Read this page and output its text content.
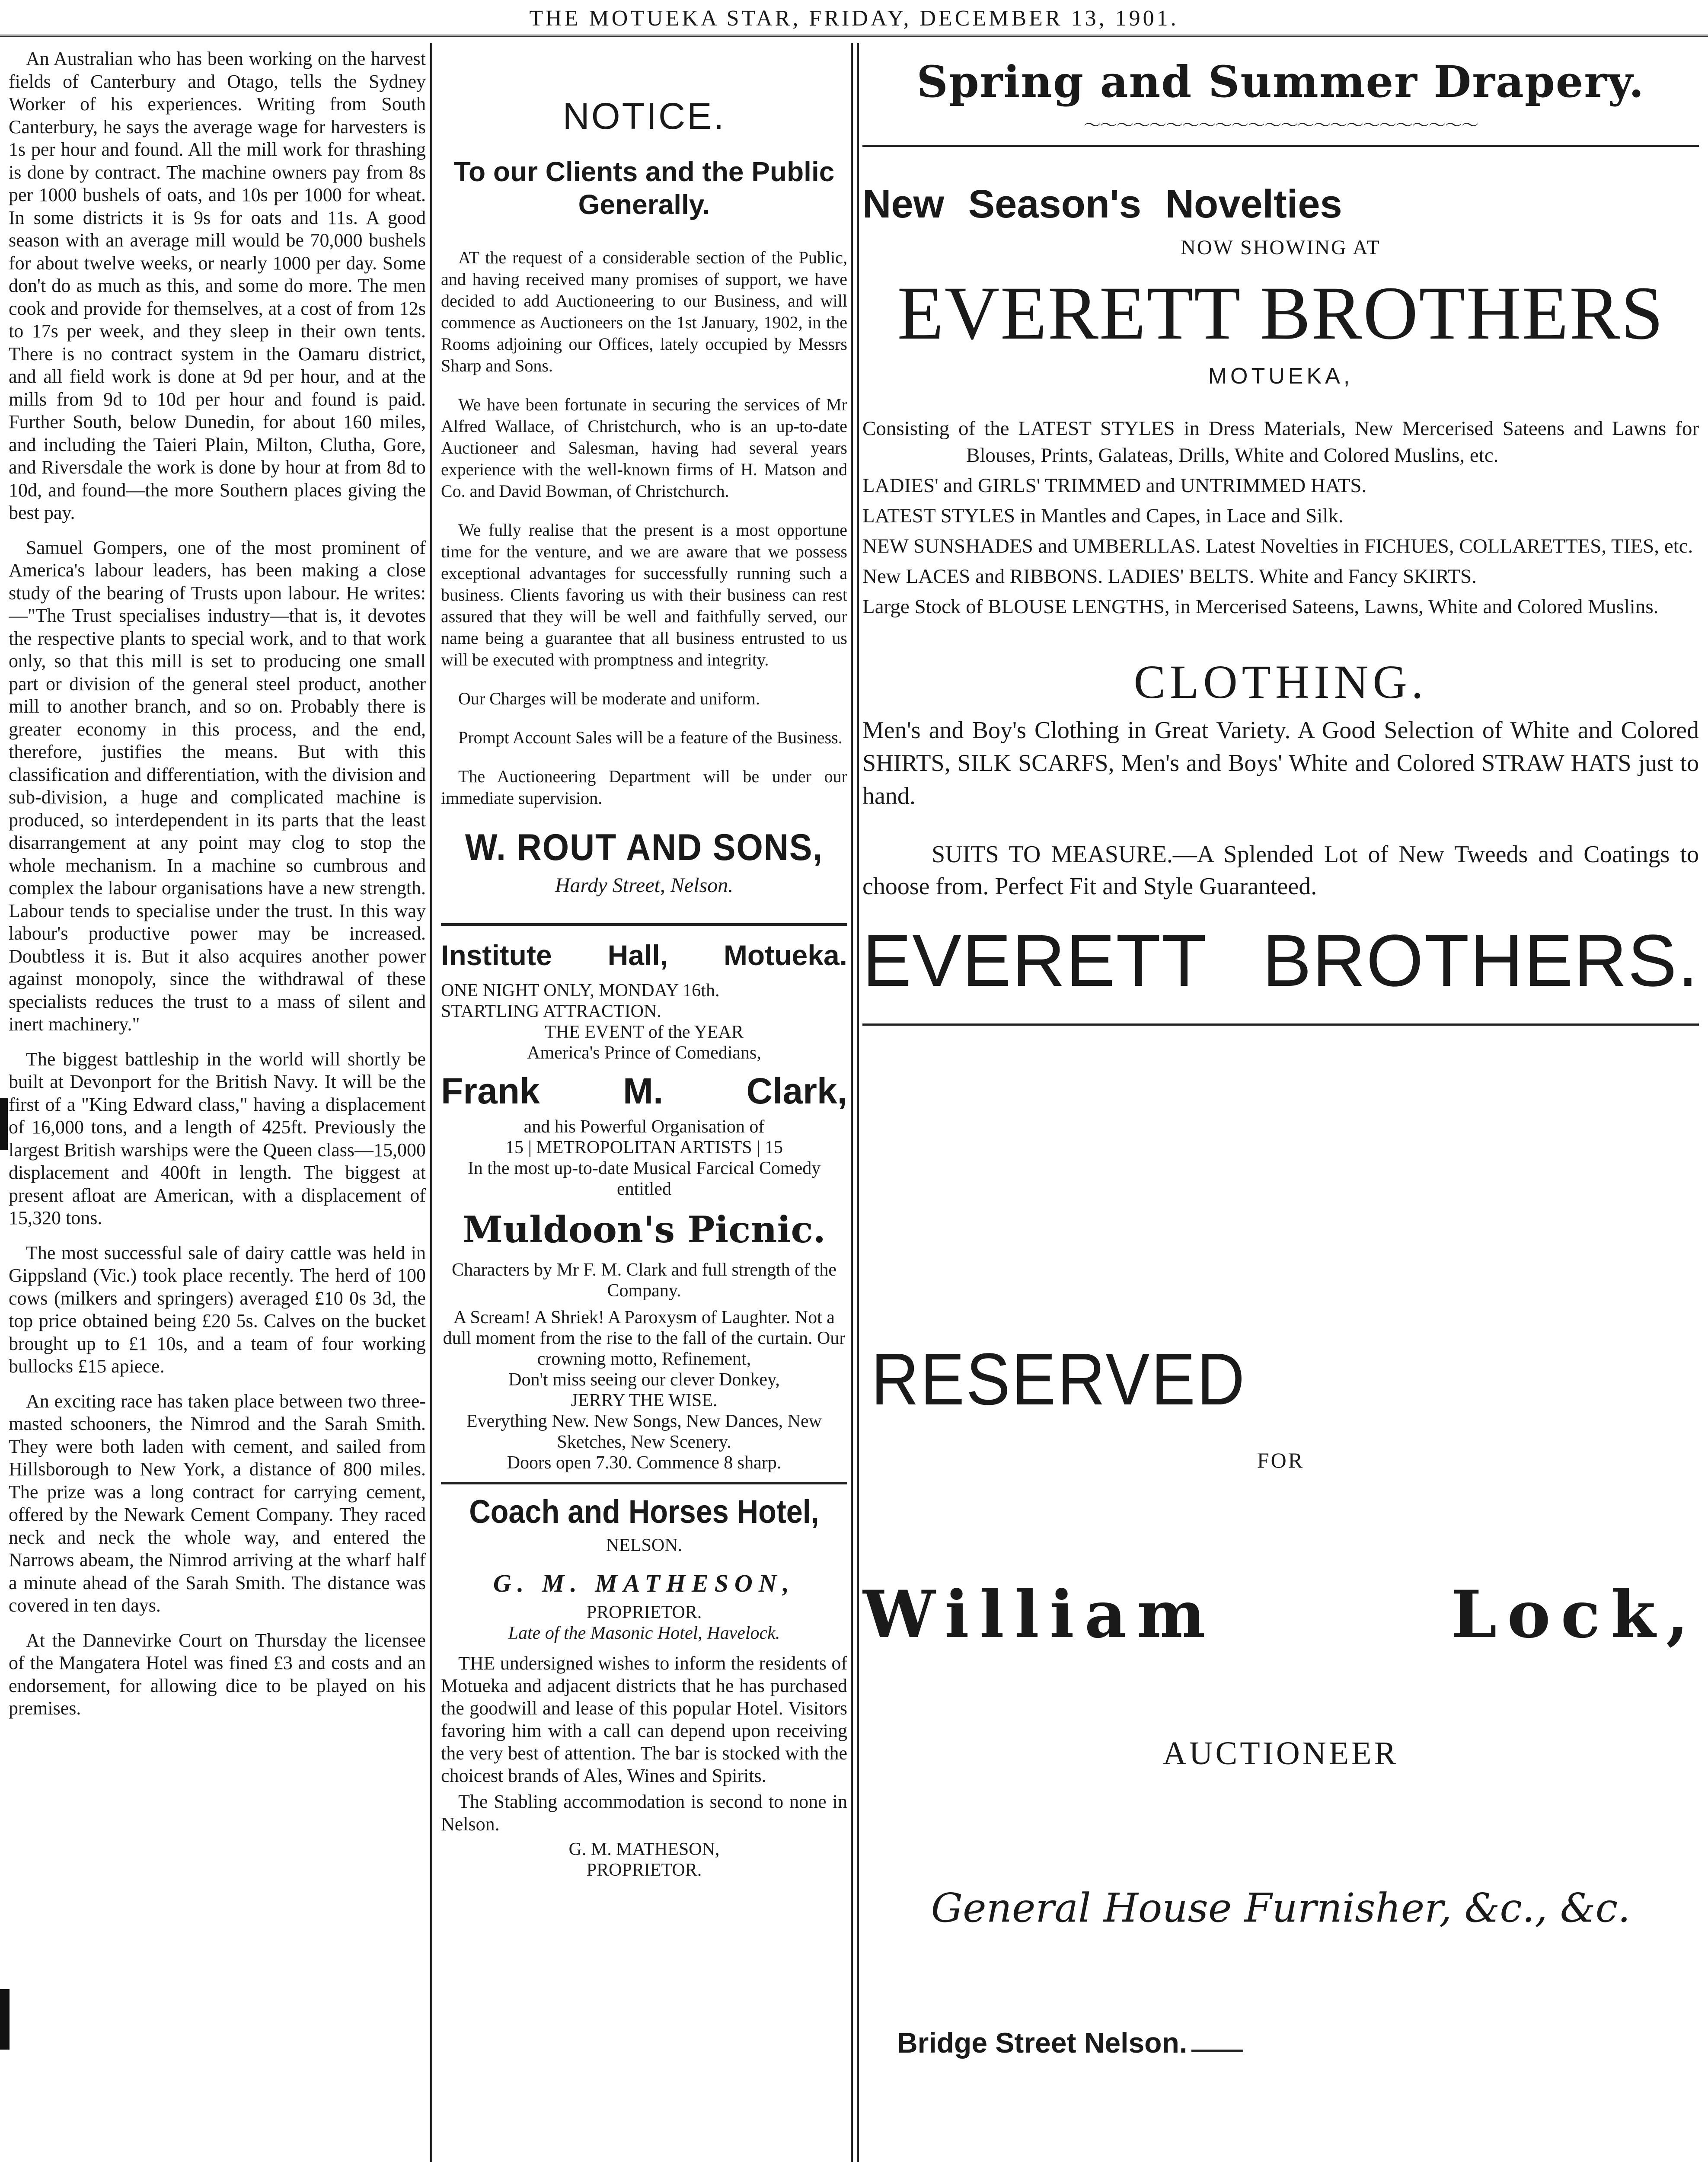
THE MOTUEKA STAR, FRIDAY, DECEMBER 13, 1901.

An Australian who has been working on the harvest fields of Canterbury and Otago, tells the Sydney Worker of his experiences. Writing from South Canterbury, he says the average wage for harvesters is 1s per hour and found. All the mill work for thrashing is done by contract. The machine owners pay from 8s per 1000 bushels of oats, and 10s per 1000 for wheat. In some districts it is 9s for oats and 11s. A good season with an average mill would be 70,000 bushels for about twelve weeks, or nearly 1000 per day. Some don't do as much as this, and some do more. The men cook and provide for themselves, at a cost of from 12s to 17s per week, and they sleep in their own tents. There is no contract system in the Oamaru district, and all field work is done at 9d per hour, and at the mills from 9d to 10d per hour and found is paid. Further South, below Dunedin, for about 160 miles, and including the Taieri Plain, Milton, Clutha, Gore, and Riversdale the work is done by hour at from 8d to 10d, and found—the more Southern places giving the best pay.

Samuel Gompers, one of the most prominent of America's labour leaders, has been making a close study of the bearing of Trusts upon labour. He writes:—"The Trust specialises industry—that is, it devotes the respective plants to special work, and to that work only, so that this mill is set to producing one small part or division of the general steel product, another mill to another branch, and so on. Probably there is greater economy in this process, and the end, therefore, justifies the means. But with this classification and differentiation, with the division and sub-division, a huge and complicated machine is produced, so interdependent in its parts that the least disarrangement at any point may clog to stop the whole mechanism. In a machine so cumbrous and complex the labour organisations have a new strength. Labour tends to specialise under the trust. In this way labour's productive power may be increased. Doubtless it is. But it also acquires another power against monopoly, since the withdrawal of these specialists reduces the trust to a mass of silent and inert machinery."

The biggest battleship in the world will shortly be built at Devonport for the British Navy. It will be the first of a "King Edward class," having a displacement of 16,000 tons, and a length of 425ft. Previously the largest British warships were the Queen class—15,000 displacement and 400ft in length. The biggest at present afloat are American, with a displacement of 15,320 tons.

The most successful sale of dairy cattle was held in Gippsland (Vic.) took place recently. The herd of 100 cows (milkers and springers) averaged £10 0s 3d, the top price obtained being £20 5s. Calves on the bucket brought up to £1 10s, and a team of four working bullocks £15 apiece.

An exciting race has taken place between two three-masted schooners, the Nimrod and the Sarah Smith. They were both laden with cement, and sailed from Hillsborough to New York, a distance of 800 miles. The prize was a long contract for carrying cement, offered by the Newark Cement Company. They raced neck and neck the whole way, and entered the Narrows abeam, the Nimrod arriving at the wharf half a minute ahead of the Sarah Smith. The distance was covered in ten days.

At the Dannevirke Court on Thursday the licensee of the Mangatera Hotel was fined £3 and costs and an endorsement, for allowing dice to be played on his premises.

NOTICE.
To our Clients and the Public Generally.

AT the request of a considerable section of the Public, and having received many promises of support, we have decided to add Auctioneering to our Business, and will commence as Auctioneers on the 1st January, 1902, in the Rooms adjoining our Offices, lately occupied by Messrs Sharp and Sons.

We have been fortunate in securing the services of Mr Alfred Wallace, of Christchurch, who is an up-to-date Auctioneer and Salesman, having had several years experience with the well-known firms of H. Matson and Co. and David Bowman, of Christchurch.

We fully realise that the present is a most opportune time for the venture, and we are aware that we possess exceptional advantages for successfully running such a business. Clients favoring us with their business can rest assured that they will be well and faithfully served, our name being a guarantee that all business entrusted to us will be executed with promptness and integrity.

Our Charges will be moderate and uniform.

Prompt Account Sales will be a feature of the Business.

The Auctioneering Department will be under our immediate supervision.

W. ROUT AND SONS,
Hardy Street, Nelson.
Institute Hall, Motueka.
ONE NIGHT ONLY, MONDAY 16th.
STARTLING ATTRACTION.
THE EVENT of the YEAR
America's Prince of Comedians,
Frank M. Clark,
and his Powerful Organisation of
15 | METROPOLITAN ARTISTS | 15
In the most up-to-date Musical Farcical Comedy entitled
Muldoon's Picnic.
Characters by Mr F. M. Clark and full strength of the Company.
A Scream! A Shriek! A Paroxysm of Laughter. Not a dull moment from the rise to the fall of the curtain. Our crowning motto, Refinement,
Don't miss seeing our clever Donkey,
JERRY THE WISE.
Everything New. New Songs, New Dances, New Sketches, New Scenery.
Doors open 7.30. Commence 8 sharp.
Coach and Horses Hotel,
NELSON.
G. M. MATHESON,
PROPRIETOR.
Late of the Masonic Hotel, Havelock.

THE undersigned wishes to inform the residents of Motueka and adjacent districts that he has purchased the goodwill and lease of this popular Hotel. Visitors favoring him with a call can depend upon receiving the very best of attention. The bar is stocked with the choicest brands of Ales, Wines and Spirits.

The Stabling accommodation is second to none in Nelson.

G. M. MATHESON,
PROPRIETOR.
Spring and Summer Drapery.
～～～～～～～～～～～～～～～～～～～～～～～～
New Season's Novelties
NOW SHOWING AT
EVERETT BROTHERS
MOTUEKA,
Consisting of the LATEST STYLES in Dress Materials, New Mercerised Sateens and Lawns for Blouses, Prints, Galateas, Drills, White and Colored Muslins, etc.
LADIES' and GIRLS' TRIMMED and UNTRIMMED HATS.
LATEST STYLES in Mantles and Capes, in Lace and Silk.
NEW SUNSHADES and UMBERLLAS. Latest Novelties in FICHUES, COLLARETTES, TIES, etc.
New LACES and RIBBONS. LADIES' BELTS. White and Fancy SKIRTS.
Large Stock of BLOUSE LENGTHS, in Mercerised Sateens, Lawns, White and Colored Muslins.
CLOTHING.
Men's and Boy's Clothing in Great Variety. A Good Selection of White and Colored SHIRTS, SILK SCARFS, Men's and Boys' White and Colored STRAW HATS just to hand.
SUITS TO MEASURE.—A Splended Lot of New Tweeds and Coatings to choose from. Perfect Fit and Style Guaranteed.
EVERETT BROTHERS.
RESERVED
FOR
William Lock,
AUCTIONEER
General House Furnisher, &c., &c.
Bridge Street Nelson.
